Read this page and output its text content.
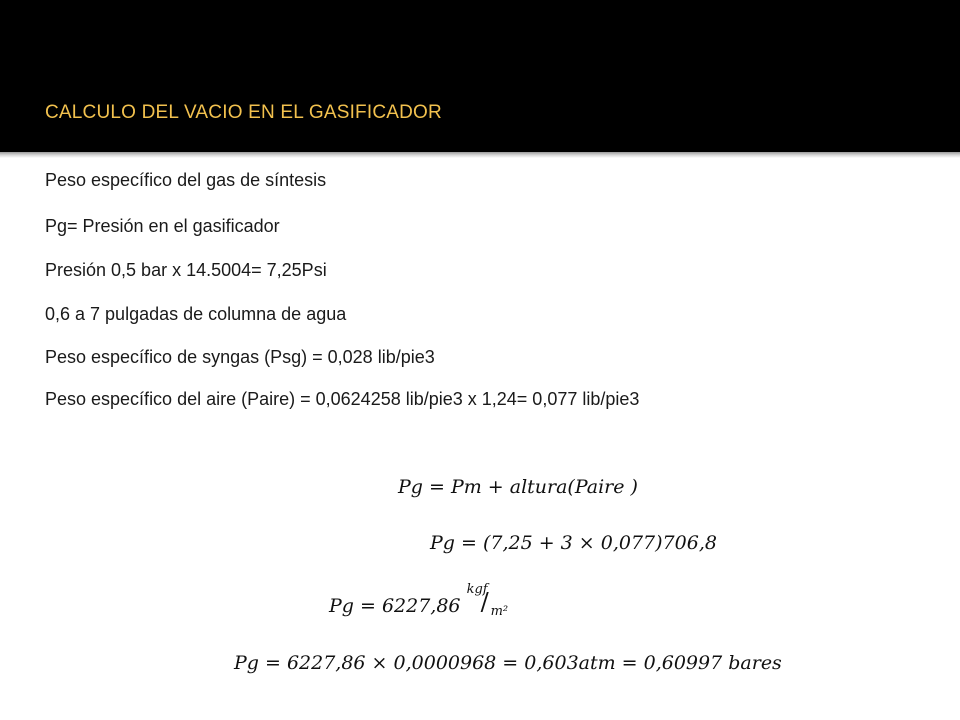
CALCULO DEL VACIO EN EL GASIFICADOR
Peso específico del gas de síntesis
Pg= Presión en el gasificador
Presión 0,5 bar x 14.5004= 7,25Psi
0,6 a 7 pulgadas de columna de agua
Peso específico de syngas (Psg) = 0,028 lib/pie3
Peso específico del aire (Paire) = 0,0624258 lib/pie3 x 1,24= 0,077 lib/pie3
Pg = Pm + altura(Paire )
Pg = (7,25 + 3 × 0,077)706,8
Pg = 6227,86
kgf
/ m²
Pg = 6227,86 × 0,0000968 = 0,603atm = 0,60997 bares
